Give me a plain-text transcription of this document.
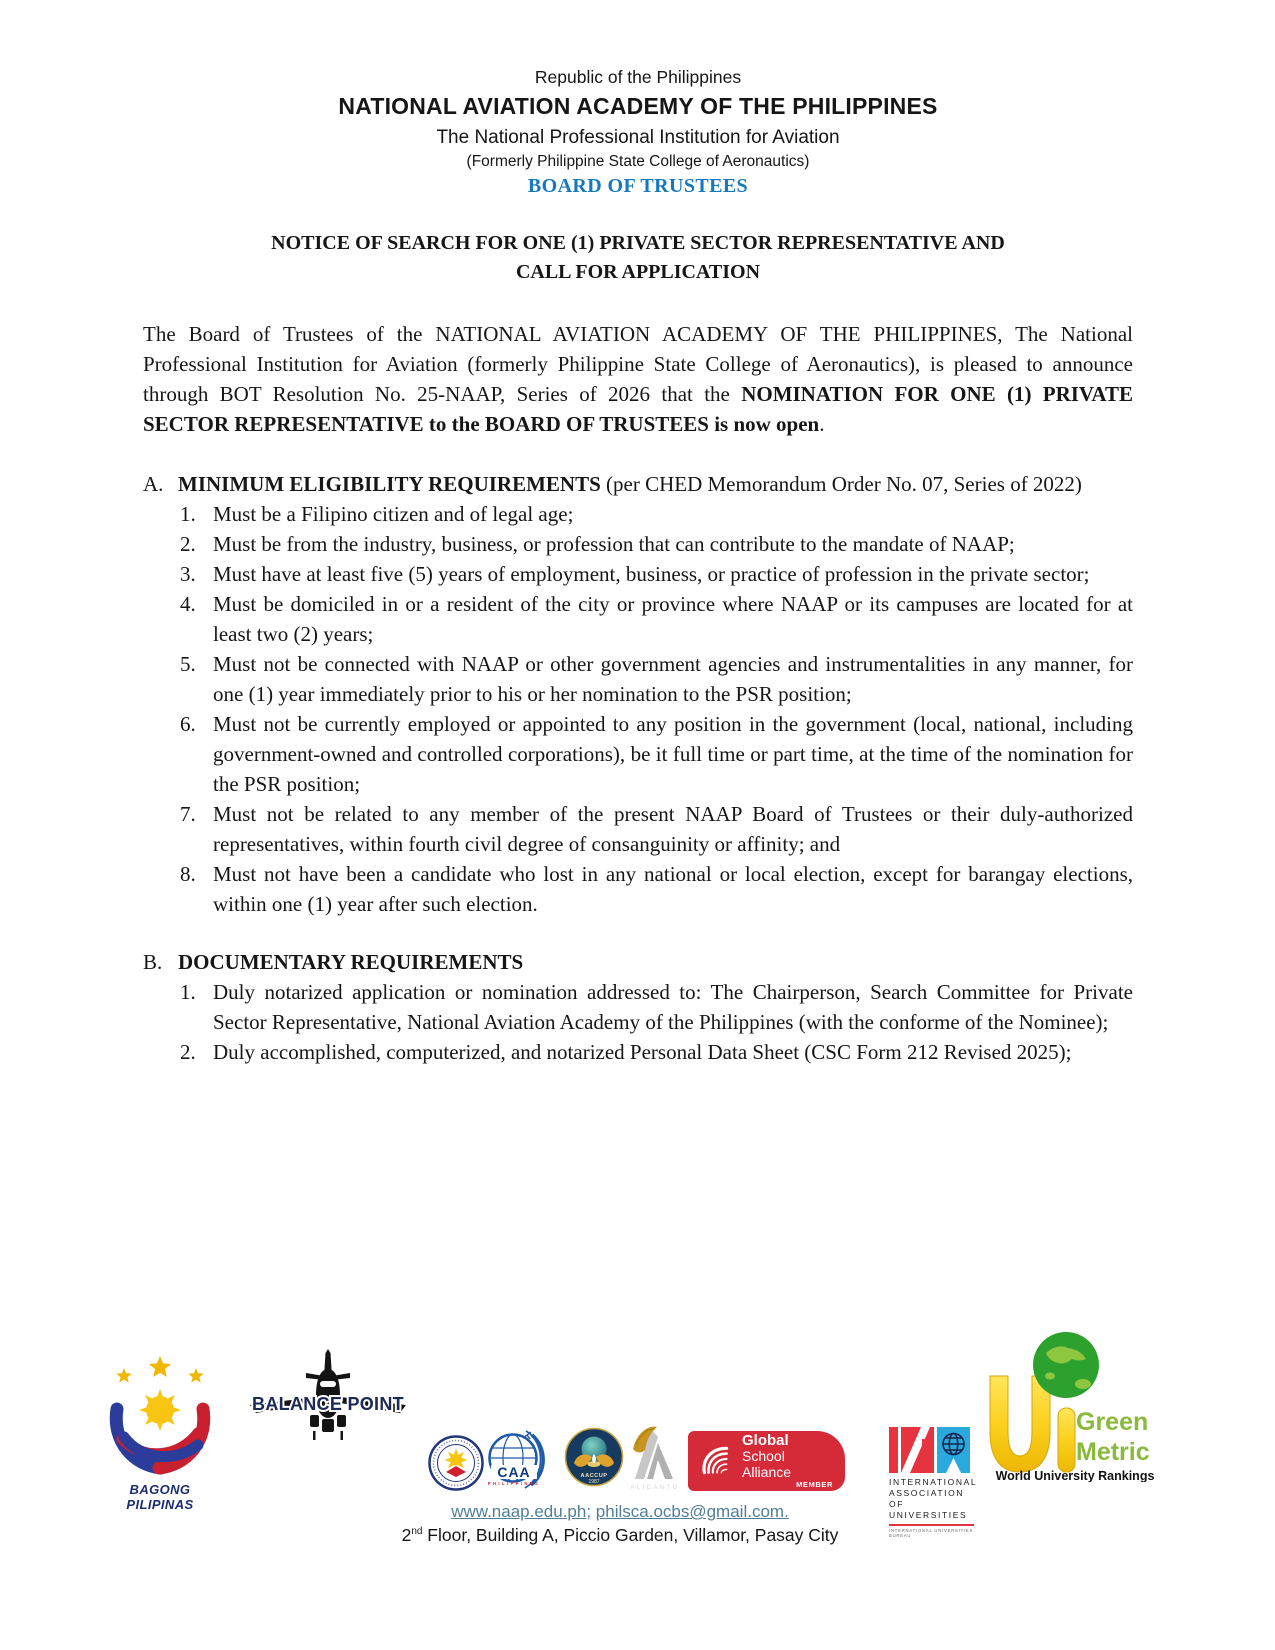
Republic of the Philippines
NATIONAL AVIATION ACADEMY OF THE PHILIPPINES
The National Professional Institution for Aviation
(Formerly Philippine State College of Aeronautics)
BOARD OF TRUSTEES
NOTICE OF SEARCH FOR ONE (1) PRIVATE SECTOR REPRESENTATIVE AND
CALL FOR APPLICATION

The Board of Trustees of the NATIONAL AVIATION ACADEMY OF THE PHILIPPINES, The National Professional Institution for Aviation (formerly Philippine State College of Aeronautics), is pleased to announce through BOT Resolution No. 25-NAAP, Series of 2026 that the NOMINATION FOR ONE (1) PRIVATE SECTOR REPRESENTATIVE to the BOARD OF TRUSTEES is now open.

A. MINIMUM ELIGIBILITY REQUIREMENTS (per CHED Memorandum Order No. 07, Series of 2022)
1. Must be a Filipino citizen and of legal age;
2. Must be from the industry, business, or profession that can contribute to the mandate of NAAP;
3. Must have at least five (5) years of employment, business, or practice of profession in the private sector;
4. Must be domiciled in or a resident of the city or province where NAAP or its campuses are located for at least two (2) years;
5. Must not be connected with NAAP or other government agencies and instrumentalities in any manner, for one (1) year immediately prior to his or her nomination to the PSR position;
6. Must not be currently employed or appointed to any position in the government (local, national, including government-owned and controlled corporations), be it full time or part time, at the time of the nomination for the PSR position;
7. Must not be related to any member of the present NAAP Board of Trustees or their duly-authorized representatives, within fourth civil degree of consanguinity or affinity; and
8. Must not have been a candidate who lost in any national or local election, except for barangay elections, within one (1) year after such election.
B. DOCUMENTARY REQUIREMENTS
1. Duly notarized application or nomination addressed to: The Chairperson, Search Committee for Private Sector Representative, National Aviation Academy of the Philippines (with the conforme of the Nominee);
2. Duly accomplished, computerized, and notarized Personal Data Sheet (CSC Form 212 Revised 2025);
BAGONG PILIPINAS
BALANCE POINT
CAA
PHILIPPINES
AACCUP
1987
ALICANTO
Global
School Alliance
MEMBER	INTERNATIONAL
ASSOCIATION OF
UNIVERSITIES
INTERNATIONAL UNIVERSITIES BUREAU
Green
Metric
World University Rankings
www.naap.edu.ph; philsca.ocbs@gmail.com.
2nd Floor, Building A, Piccio Garden, Villamor, Pasay City
